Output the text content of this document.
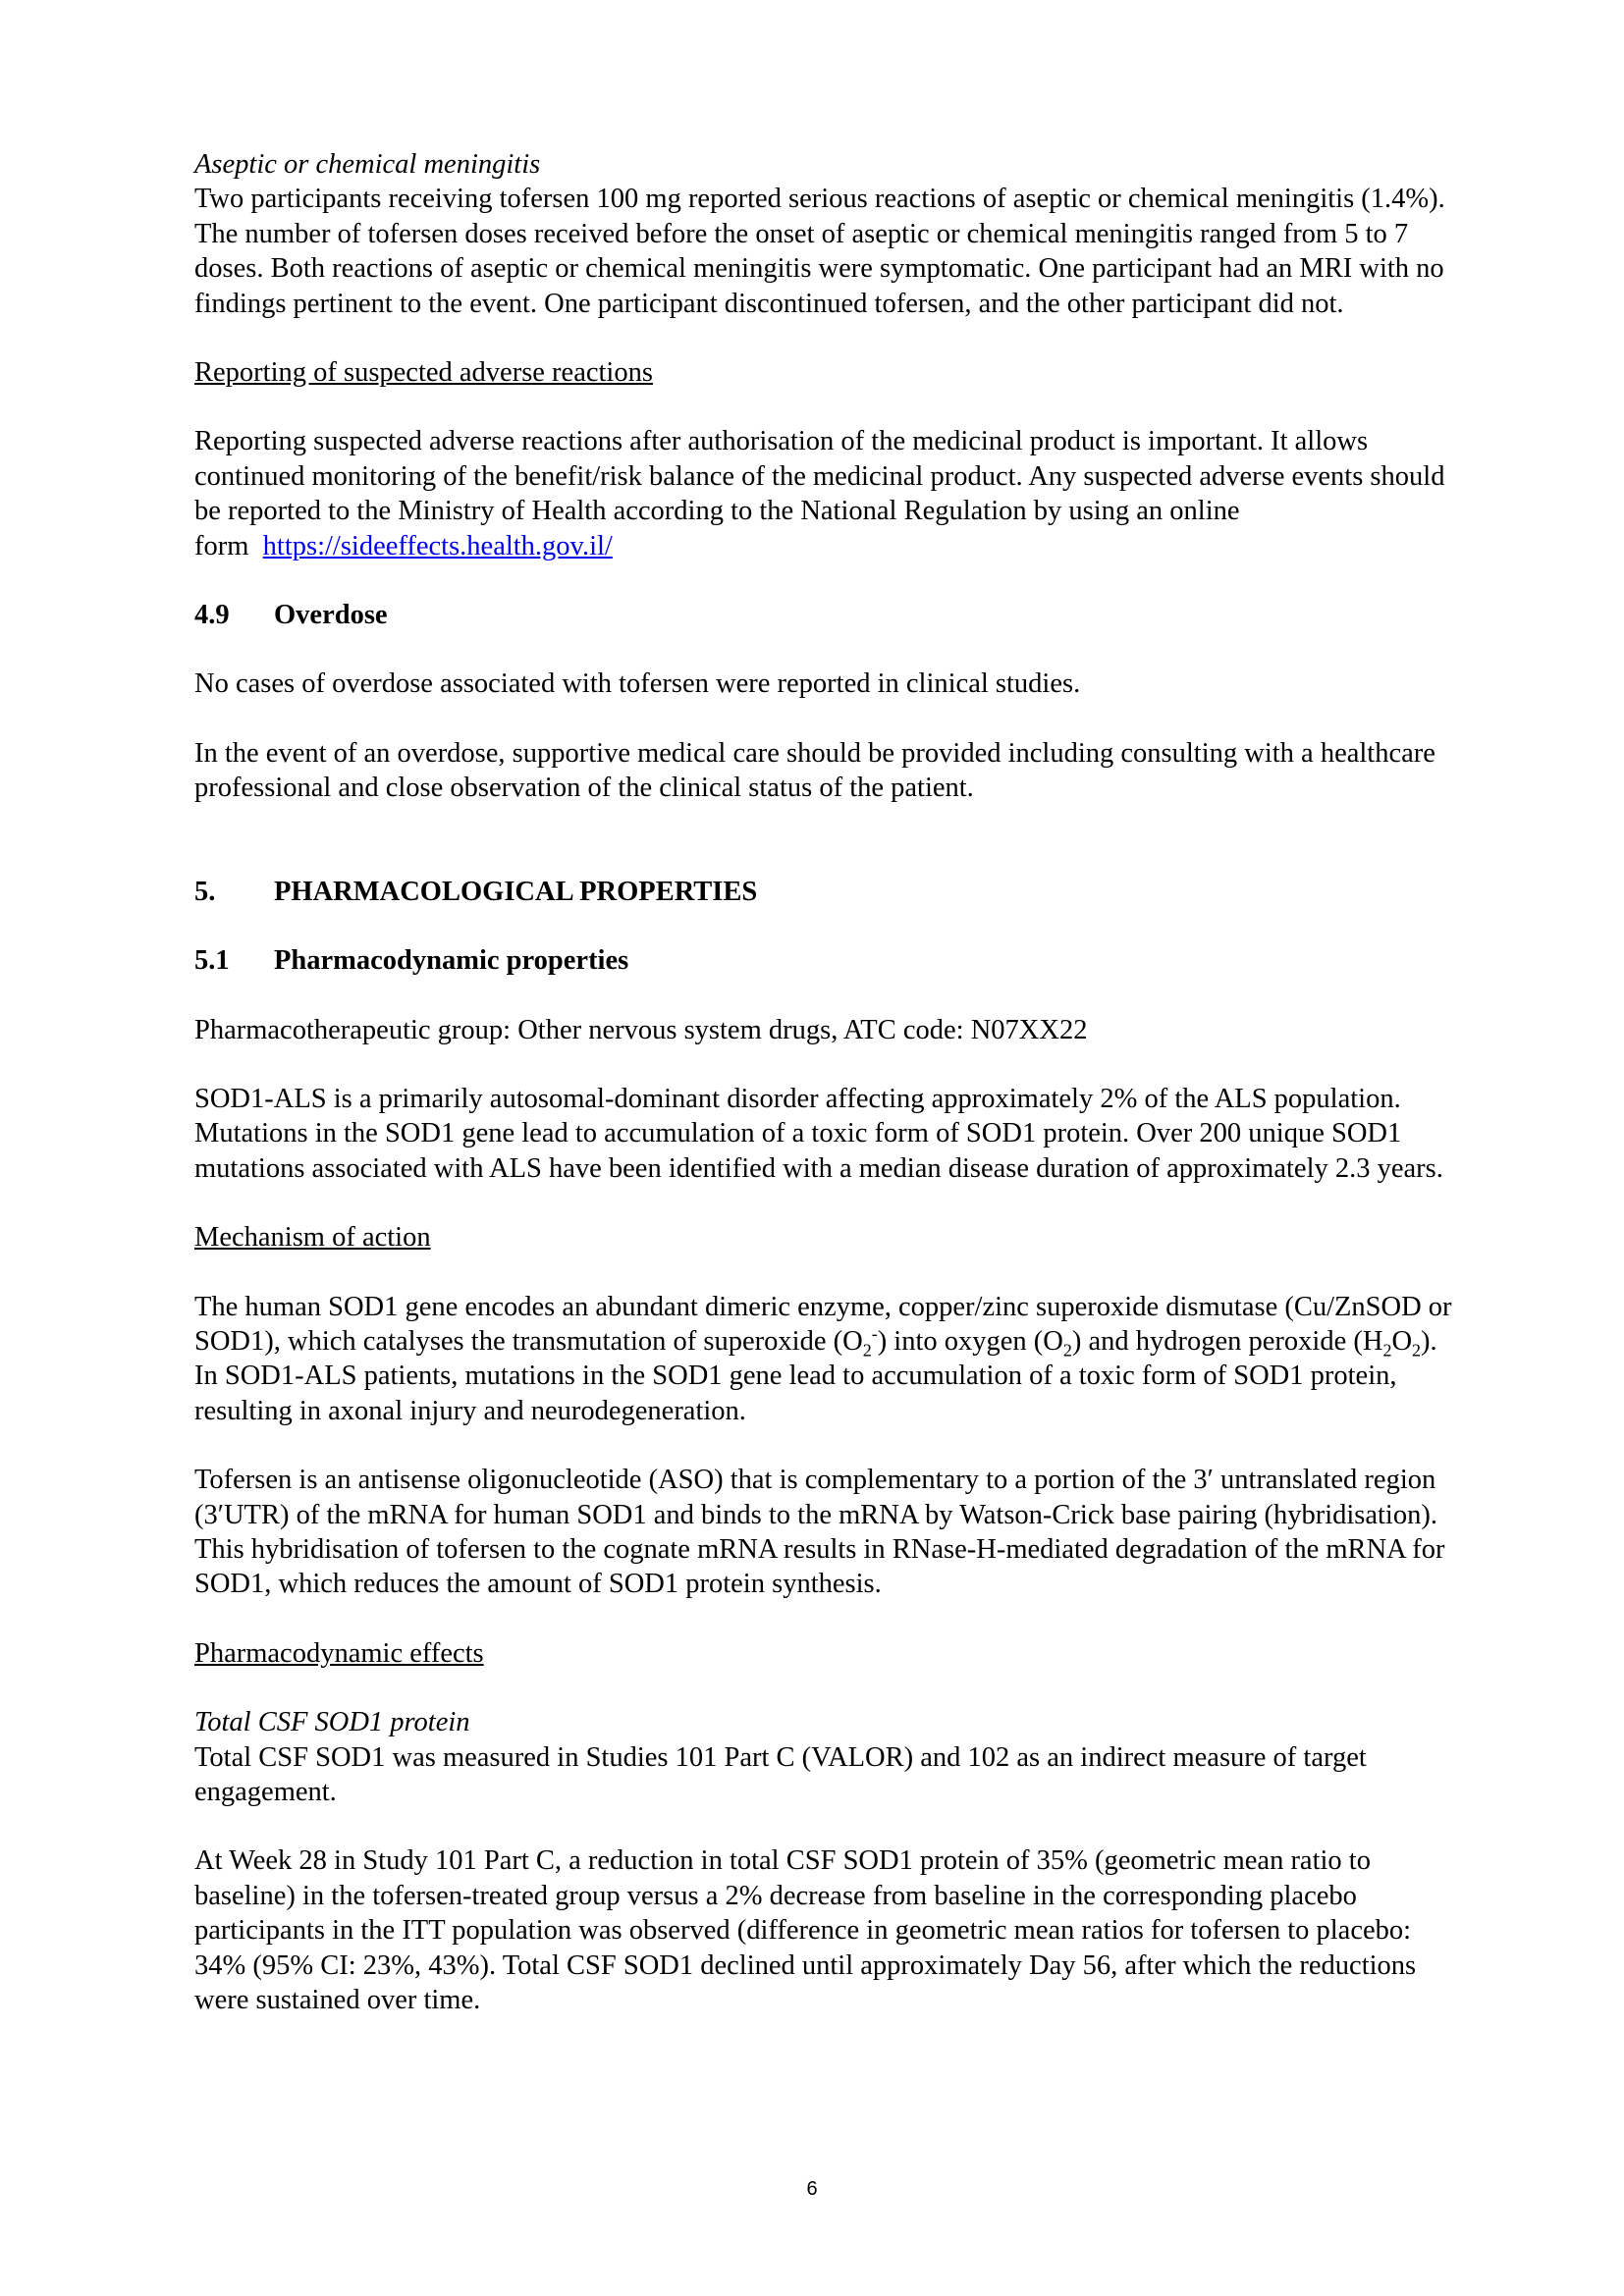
Aseptic or chemical meningitis

Two participants receiving tofersen 100 mg reported serious reactions of aseptic or chemical meningitis (1.4%). The number of tofersen doses received before the onset of aseptic or chemical meningitis ranged from 5 to 7 doses. Both reactions of aseptic or chemical meningitis were symptomatic. One participant had an MRI with no findings pertinent to the event. One participant discontinued tofersen, and the other participant did not.

Reporting of suspected adverse reactions

Reporting suspected adverse reactions after authorisation of the medicinal product is important. It allows continued monitoring of the benefit/risk balance of the medicinal product. Any suspected adverse events should be reported to the Ministry of Health according to the National Regulation by using an online form https://sideeffects.health.gov.il/

4.9	Overdose

No cases of overdose associated with tofersen were reported in clinical studies.

In the event of an overdose, supportive medical care should be provided including consulting with a healthcare professional and close observation of the clinical status of the patient.

5.	PHARMACOLOGICAL PROPERTIES
5.1	Pharmacodynamic properties

Pharmacotherapeutic group: Other nervous system drugs, ATC code: N07XX22

SOD1-ALS is a primarily autosomal-dominant disorder affecting approximately 2% of the ALS population. Mutations in the SOD1 gene lead to accumulation of a toxic form of SOD1 protein. Over 200 unique SOD1 mutations associated with ALS have been identified with a median disease duration of approximately 2.3 years.

Mechanism of action

The human SOD1 gene encodes an abundant dimeric enzyme, copper/zinc superoxide dismutase (Cu/ZnSOD or SOD1), which catalyses the transmutation of superoxide $(O_2^-)$ into oxygen $(O_2)$ and hydrogen peroxide $(H_2O_2)$. In SOD1-ALS patients, mutations in the SOD1 gene lead to accumulation of a toxic form of SOD1 protein, resulting in axonal injury and neurodegeneration.

Tofersen is an antisense oligonucleotide (ASO) that is complementary to a portion of the 3′ untranslated region (3′UTR) of the mRNA for human SOD1 and binds to the mRNA by Watson-Crick base pairing (hybridisation). This hybridisation of tofersen to the cognate mRNA results in RNase-H-mediated degradation of the mRNA for SOD1, which reduces the amount of SOD1 protein synthesis.

Pharmacodynamic effects

Total CSF SOD1 protein

Total CSF SOD1 was measured in Studies 101 Part C (VALOR) and 102 as an indirect measure of target engagement.

At Week 28 in Study 101 Part C, a reduction in total CSF SOD1 protein of 35% (geometric mean ratio to baseline) in the tofersen-treated group versus a 2% decrease from baseline in the corresponding placebo participants in the ITT population was observed (difference in geometric mean ratios for tofersen to placebo: 34% (95% CI: 23%, 43%). Total CSF SOD1 declined until approximately Day 56, after which the reductions were sustained over time.

6
